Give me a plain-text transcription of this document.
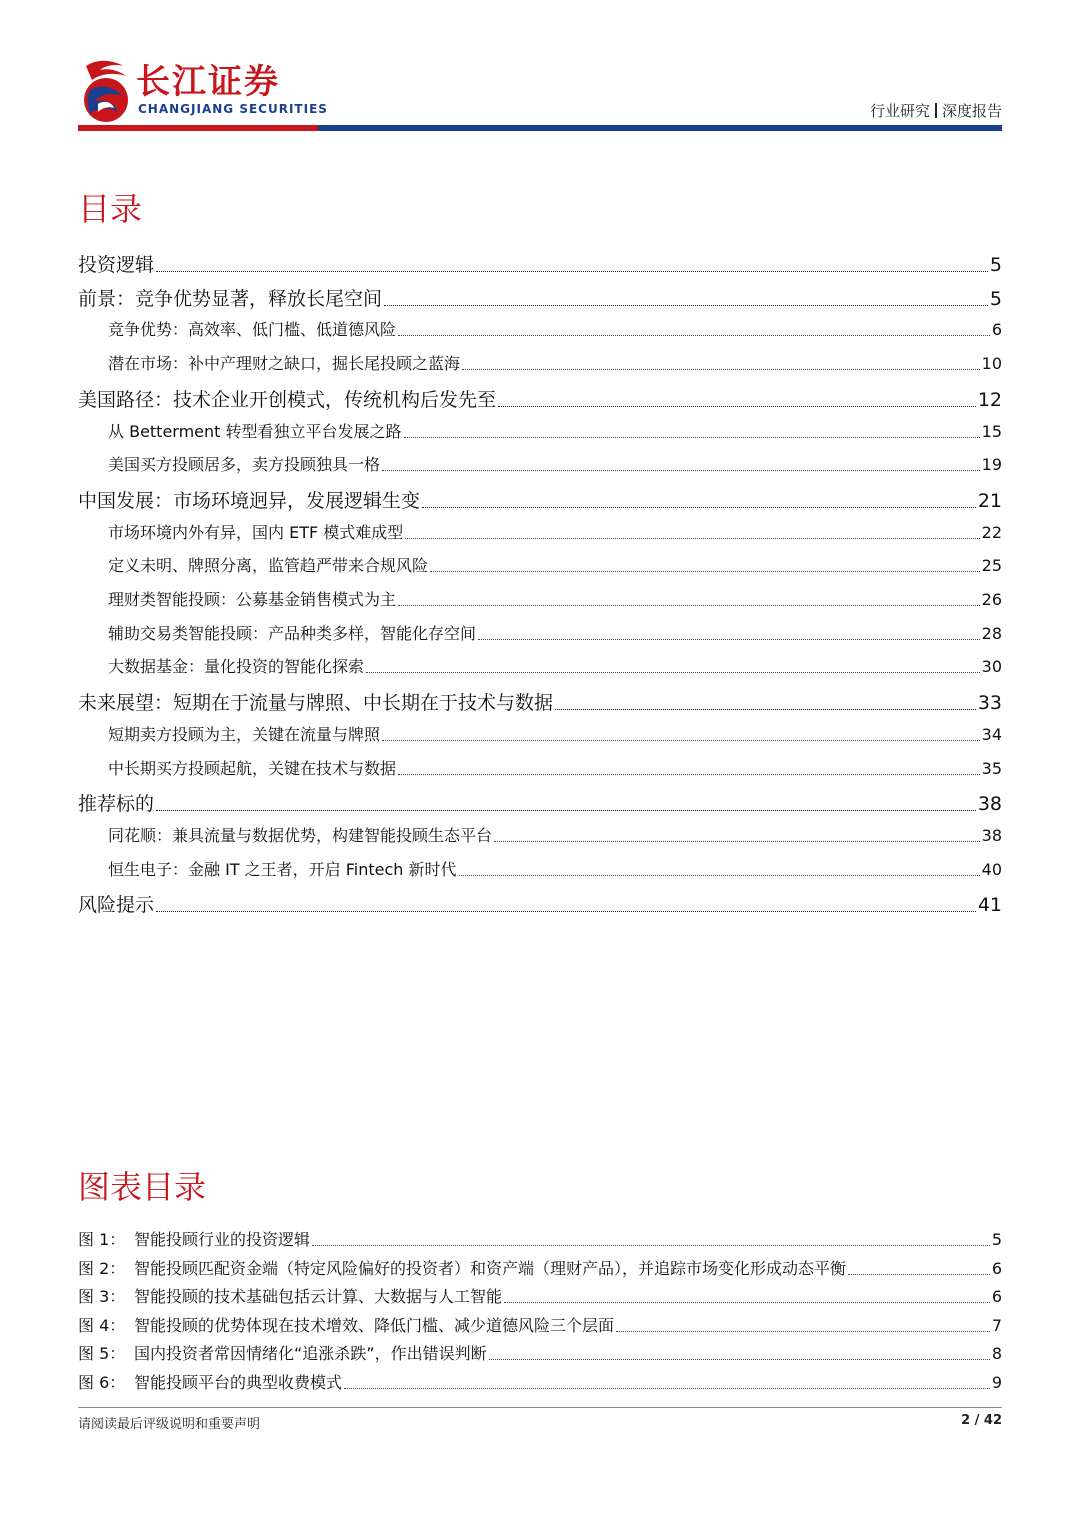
长江证券
CHANGJIANG SECURITIES	行业研究 深度报告
目录
投资逻辑	5
前景：竞争优势显著，释放长尾空间	5
竞争优势：高效率、低门槛、低道德风险	6
潜在市场：补中产理财之缺口，掘长尾投顾之蓝海	10
美国路径：技术企业开创模式，传统机构后发先至	12
从 Betterment 转型看独立平台发展之路	15
美国买方投顾居多，卖方投顾独具一格	19
中国发展：市场环境迥异，发展逻辑生变	21
市场环境内外有异，国内 ETF 模式难成型	22
定义未明、牌照分离，监管趋严带来合规风险	25
理财类智能投顾：公募基金销售模式为主	26
辅助交易类智能投顾：产品种类多样，智能化存空间	28
大数据基金：量化投资的智能化探索	30
未来展望：短期在于流量与牌照、中长期在于技术与数据	33
短期卖方投顾为主，关键在流量与牌照	34
中长期买方投顾起航，关键在技术与数据	35
推荐标的	38
同花顺：兼具流量与数据优势，构建智能投顾生态平台	38
恒生电子：金融 IT 之王者，开启 Fintech 新时代	40
风险提示	41
图表目录
图 1： 智能投顾行业的投资逻辑	5
图 2： 智能投顾匹配资金端（特定风险偏好的投资者）和资产端（理财产品），并追踪市场变化形成动态平衡	6
图 3： 智能投顾的技术基础包括云计算、大数据与人工智能	6
图 4： 智能投顾的优势体现在技术增效、降低门槛、减少道德风险三个层面	7
图 5： 国内投资者常因情绪化“追涨杀跌”，作出错误判断	8
图 6： 智能投顾平台的典型收费模式	9
请阅读最后评级说明和重要声明	2 / 42
